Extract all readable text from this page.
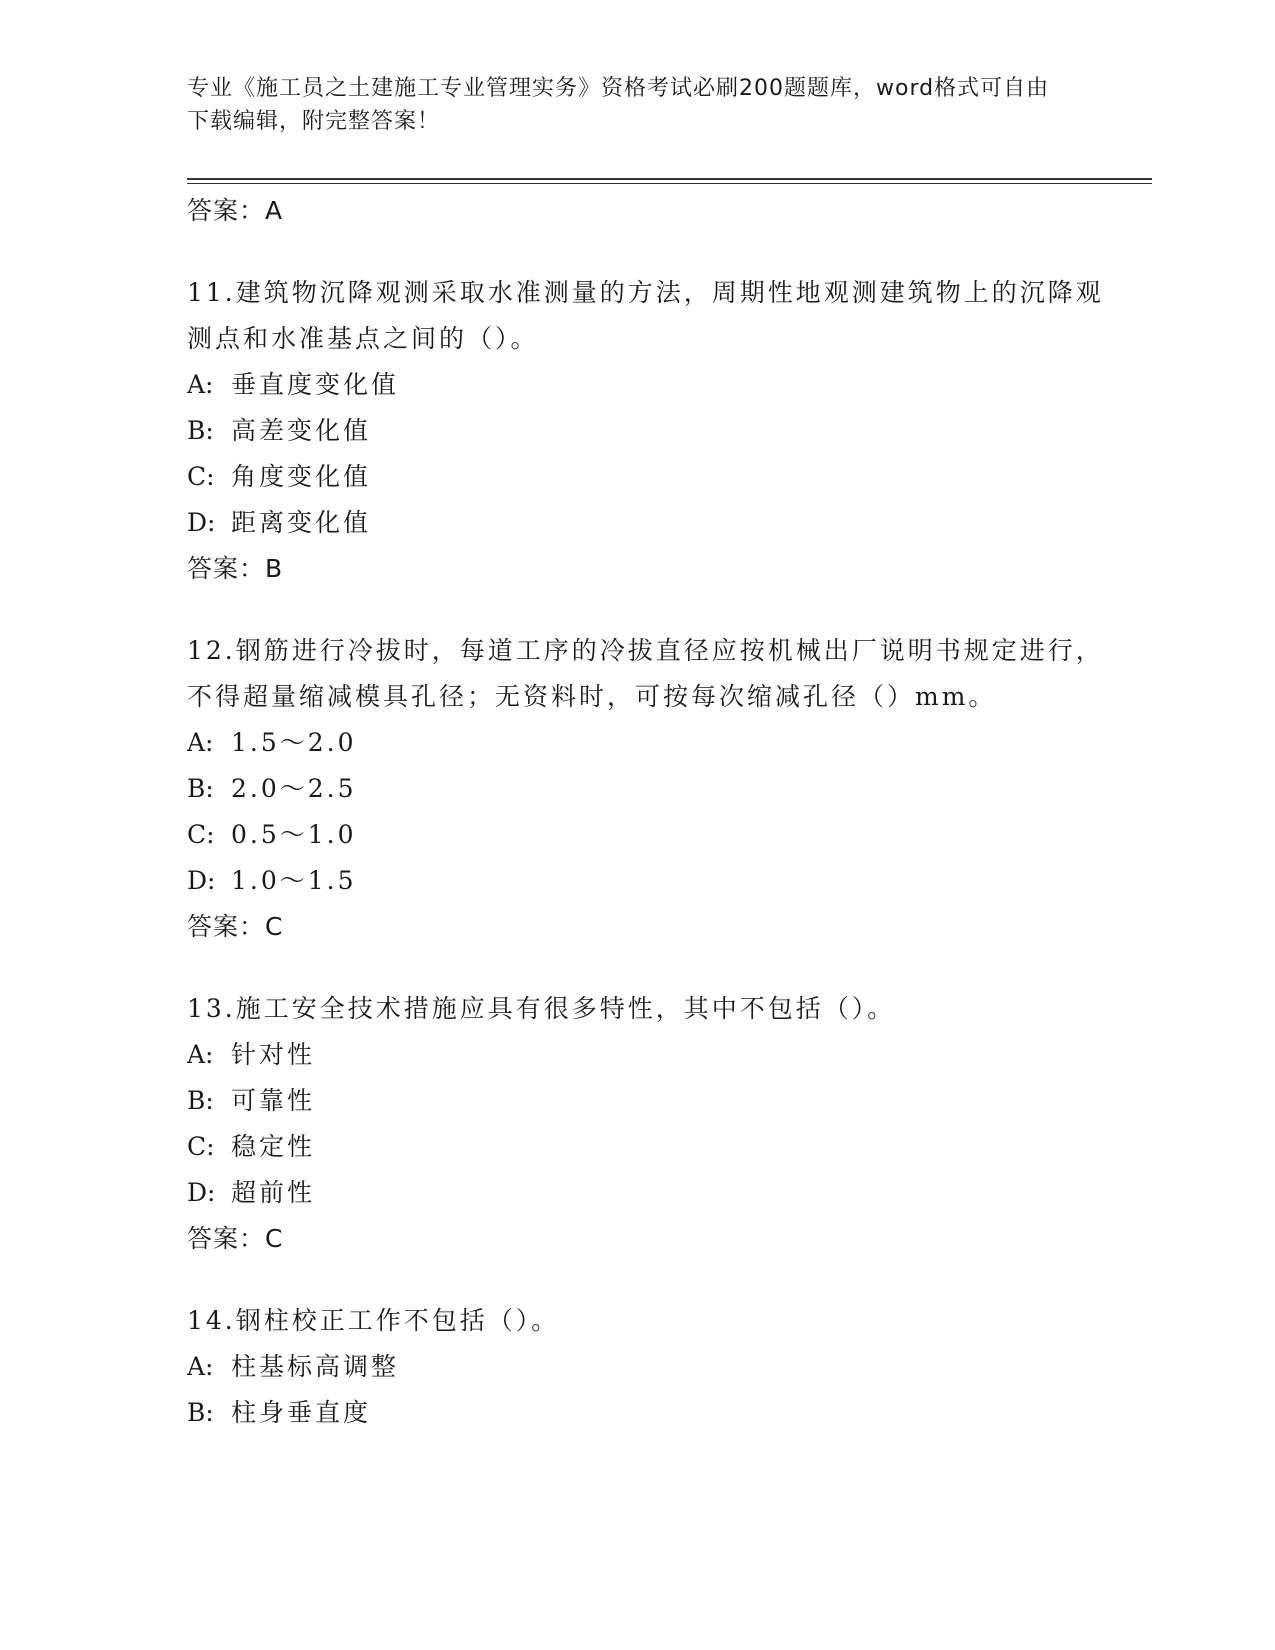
专业《施工员之土建施工专业管理实务》资格考试必刷200题题库，word格式可自由下载编辑，附完整答案！
答案：A
11.建筑物沉降观测采取水准测量的方法，周期性地观测建筑物上的沉降观测点和水准基点之间的（）。
A: 垂直度变化值
B: 高差变化值
C: 角度变化值
D: 距离变化值
答案：B
12.钢筋进行冷拔时，每道工序的冷拔直径应按机械出厂说明书规定进行，不得超量缩减模具孔径；无资料时，可按每次缩减孔径（）mm。
A: 1.5～2.0
B: 2.0～2.5
C: 0.5～1.0
D: 1.0～1.5
答案：C
13.施工安全技术措施应具有很多特性，其中不包括（）。
A: 针对性
B: 可靠性
C: 稳定性
D: 超前性
答案：C
14.钢柱校正工作不包括（）。
A: 柱基标高调整
B: 柱身垂直度
